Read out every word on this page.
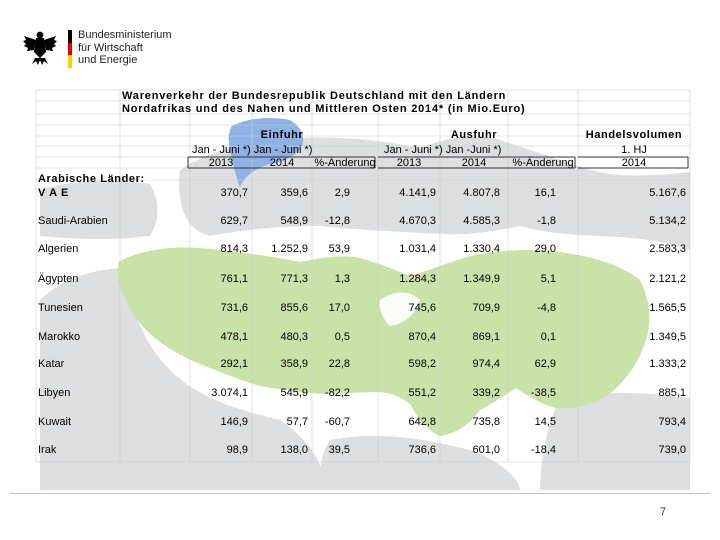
Bundesministerium
für Wirtschaft
und Energie
Warenverkehr der Bundesrepublik Deutschland mit den Ländern
Nordafrikas und des Nahen und Mittleren Osten 2014* (in Mio.Euro)
Einfuhr	Ausfuhr	Handelsvolumen
Jan - Juni *) Jan - Juni *)	Jan - Juni *) Jan -Juni *)	1. HJ
2013	2014	%-Änderung	2013	2014	%-Änderung	2014
Arabische Länder:
V A E	370,7	359,6	2,9	4.141,9	4.807,8	16,1	5.167,6
Saudi-Arabien	629,7	548,9	-12,8	4.670,3	4.585,3	-1,8	5.134,2
Algerien	814,3	1.252,9	53,9	1.031,4	1.330,4	29,0	2.583,3
Ägypten	761,1	771,3	1,3	1.284,3	1.349,9	5,1	2.121,2
Tunesien	731,6	855,6	17,0	745,6	709,9	-4,8	1.565,5
Marokko	478,1	480,3	0,5	870,4	869,1	0,1	1.349,5
Katar	292,1	358,9	22,8	598,2	974,4	62,9	1.333,2
Libyen	3.074,1	545,9	-82,2	551,2	339,2	-38,5	885,1
Kuwait	146,9	57,7	-60,7	642,8	735,8	14,5	793,4
Irak	98,9	138,0	39,5	736,6	601,0	-18,4	739,0
7
